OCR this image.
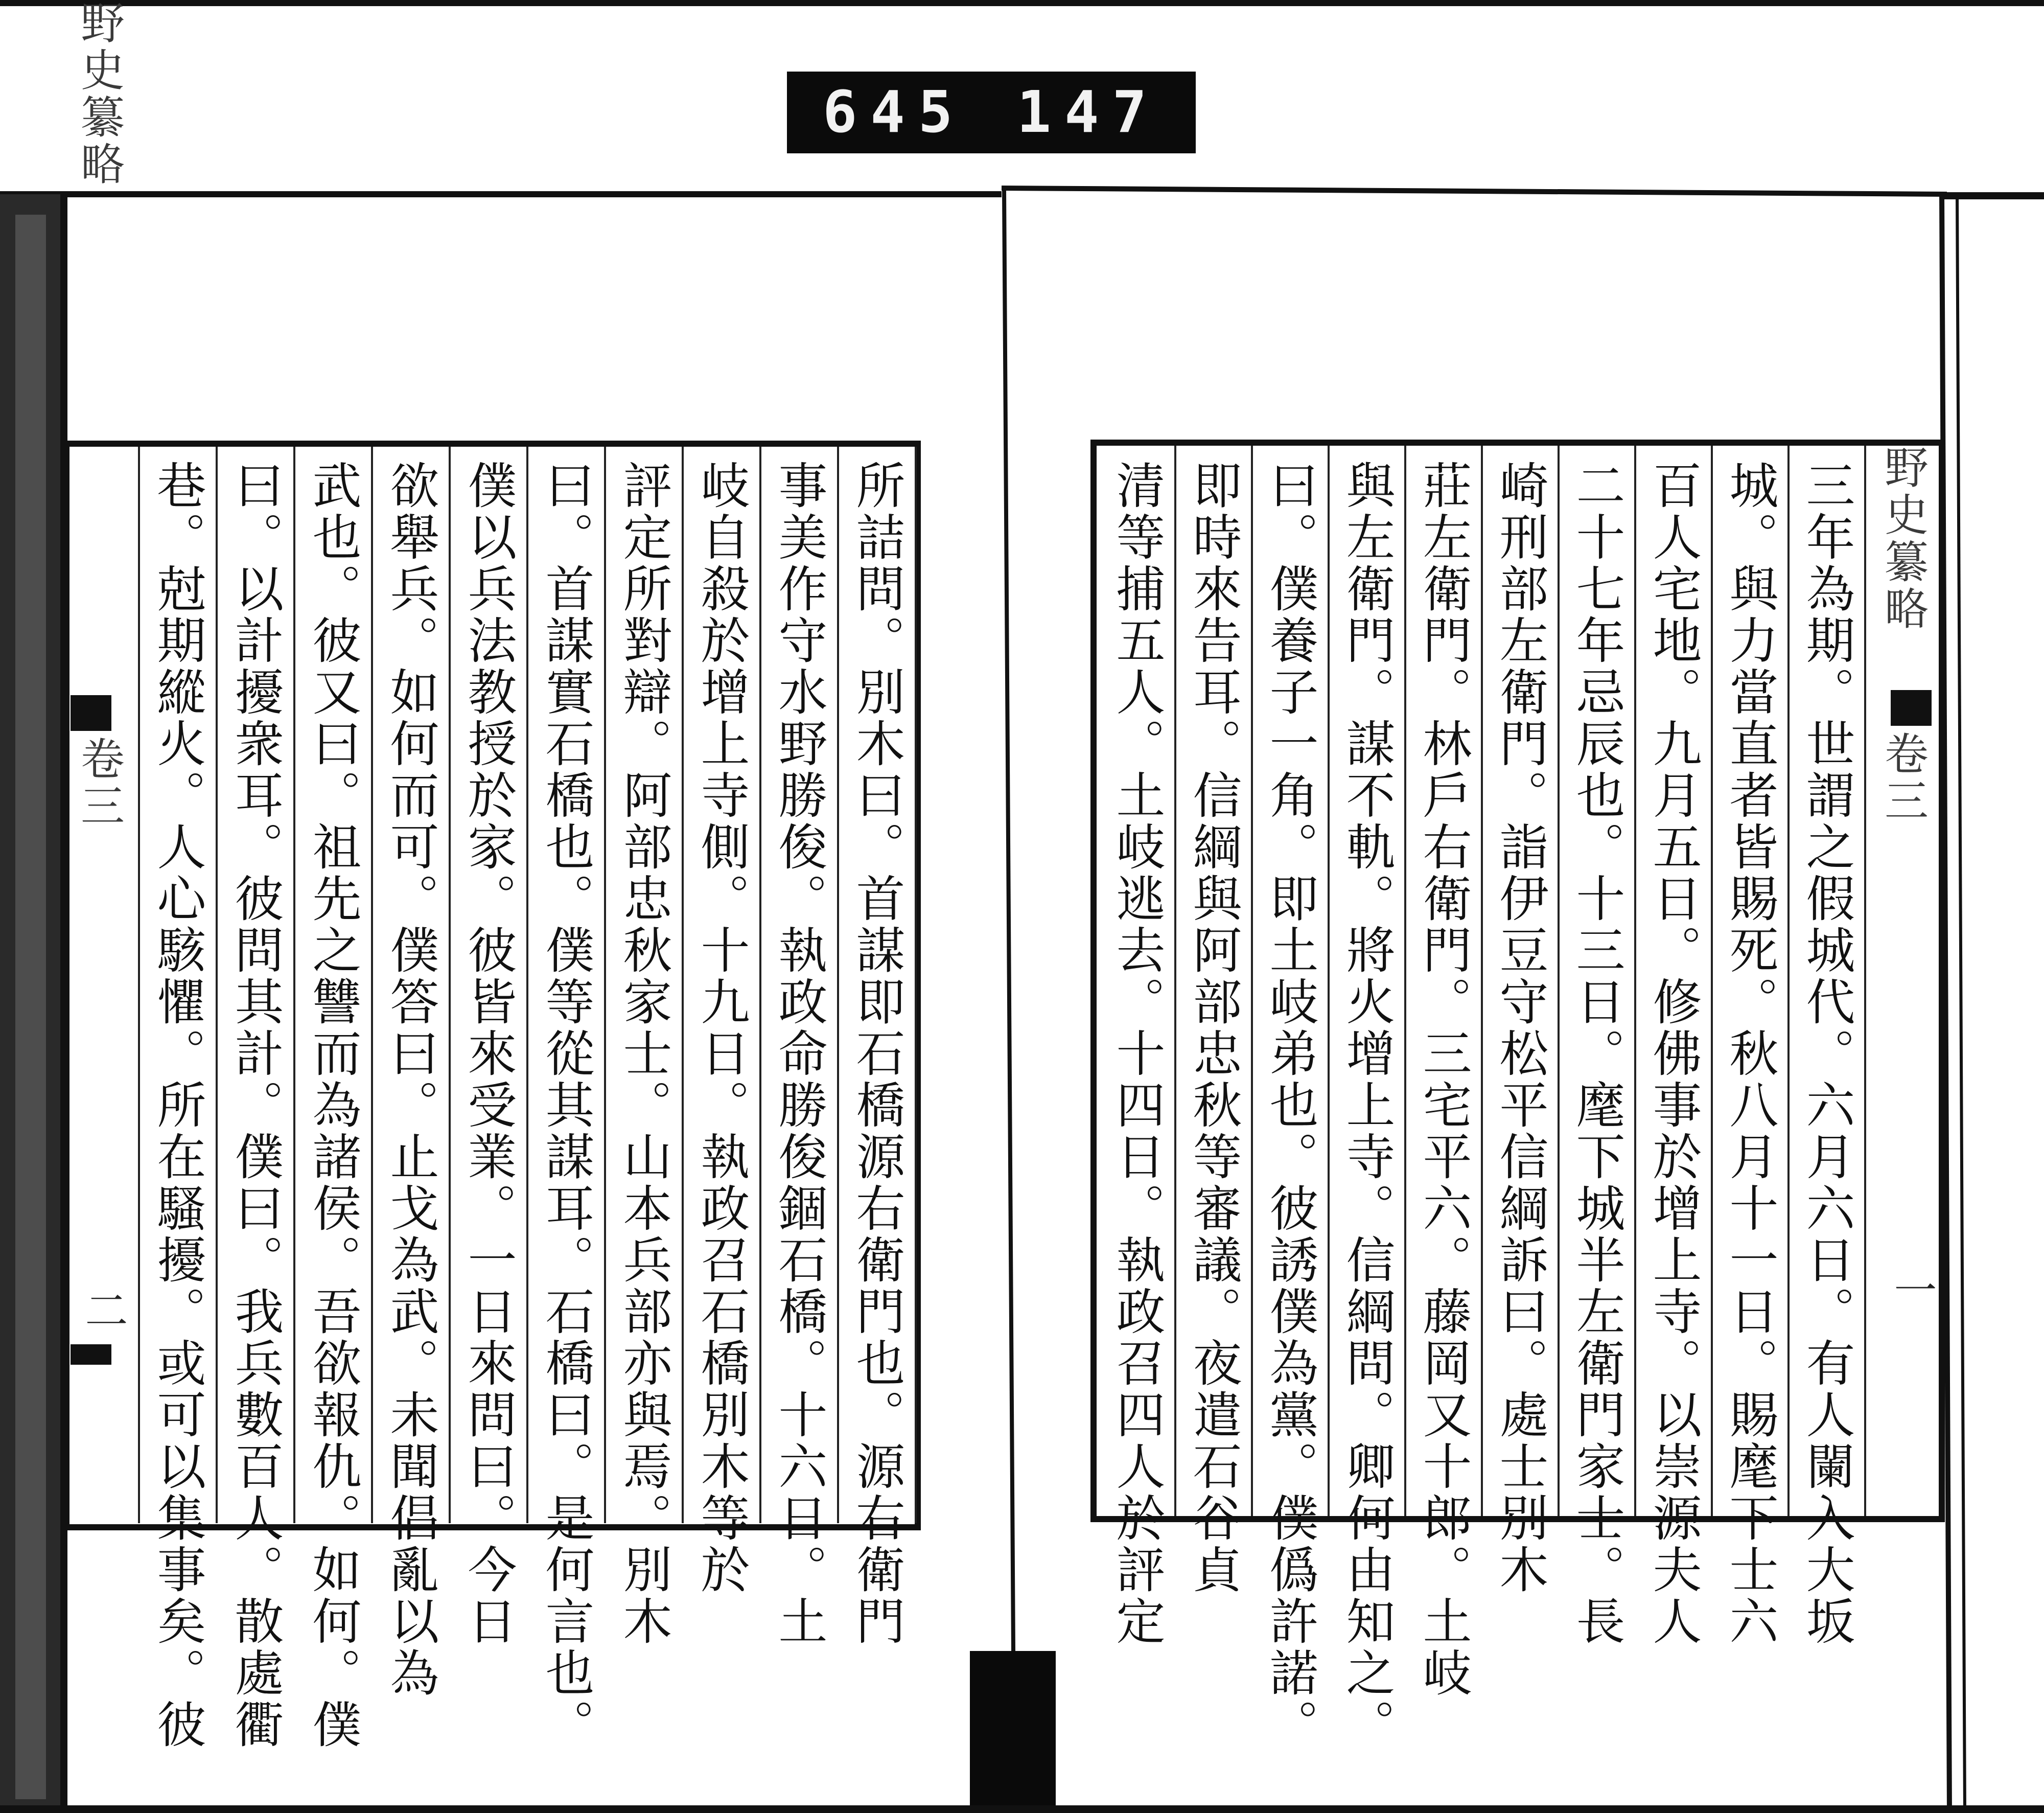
645 147
野史纂略
卷三
二	所詰問。別木曰。首謀即石橋源右衛門也。源右衛門
事美作守水野勝俊。執政命勝俊錮石橋。十六日。土
岐自殺於增上寺側。十九日。執政召石橋別木等於
評定所對辯。阿部忠秋家士。山本兵部亦與焉。別木
曰。首謀實石橋也。僕等從其謀耳。石橋曰。是何言也。
僕以兵法教授於家。彼皆來受業。一日來問曰。今日
欲舉兵。如何而可。僕答曰。止戈為武。未聞倡亂以為
武也。彼又曰。祖先之讐而為諸侯。吾欲報仇。如何。僕
曰。以計擾衆耳。彼問其計。僕曰。我兵數百人。散處衢
巷。尅期縱火。人心駭懼。所在騷擾。或可以集事矣。彼	野史纂略
卷三
一
三年為期。世謂之假城代。六月六日。有人闌入大坂
城。與力當直者皆賜死。秋八月十一日。賜麾下士六
百人宅地。九月五日。修佛事於增上寺。以崇源夫人
二十七年忌辰也。十三日。麾下城半左衛門家士。長
崎刑部左衛門。詣伊豆守松平信綱訴曰。處士別木
莊左衛門。林戶右衛門。三宅平六。藤岡又十郎。土岐
與左衛門。謀不軌。將火增上寺。信綱問。卿何由知之。
曰。僕養子一角。即土岐弟也。彼誘僕為黨。僕僞許諾。
即時來告耳。信綱與阿部忠秋等審議。夜遣石谷貞
清等捕五人。土岐逃去。十四日。執政召四人於評定
